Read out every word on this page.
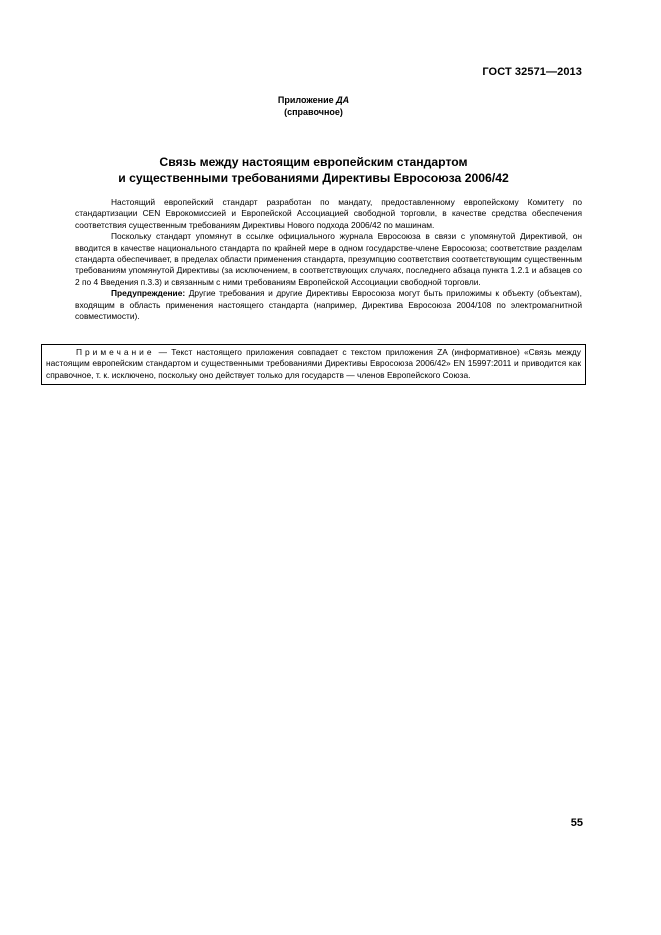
ГОСТ 32571—2013
Приложение ДА
(справочное)
Связь между настоящим европейским стандартом
и существенными требованиями Директивы Евросоюза 2006/42

Настоящий европейский стандарт разработан по мандату, предоставленному европейскому Комитету по стандартизации CEN Еврокомиссией и Европейской Ассоциацией свободной торговли, в качестве средства обеспечения соответствия существенным требованиям Директивы Нового подхода 2006/42 по машинам.

Поскольку стандарт упомянут в ссылке официального журнала Евросоюза в связи с упомянутой Директивой, он вводится в качестве национального стандарта по крайней мере в одном государстве-члене Евросоюза; соответствие разделам стандарта обеспечивает, в пределах области применения стандарта, презумпцию соответствия соответствующим существенным требованиям упомянутой Директивы (за исключением, в соответствующих случаях, последнего абзаца пункта 1.2.1 и абзацев со 2 по 4 Введения п.3.3) и связанным с ними требованиям Европейской Ассоциации свободной торговли.

Предупреждение: Другие требования и другие Директивы Евросоюза могут быть приложимы к объекту (объектам), входящим в область применения настоящего стандарта (например, Директива Евросоюза 2004/108 по электромагнитной совместимости).

Примечание — Текст настоящего приложения совпадает с текстом приложения ZA (информативное) «Связь между настоящим европейским стандартом и существенными требованиями Директивы Евросоюза 2006/42» EN 15997:2011 и приводится как справочное, т. к. исключено, поскольку оно действует только для государств — членов Европейского Союза.

55
